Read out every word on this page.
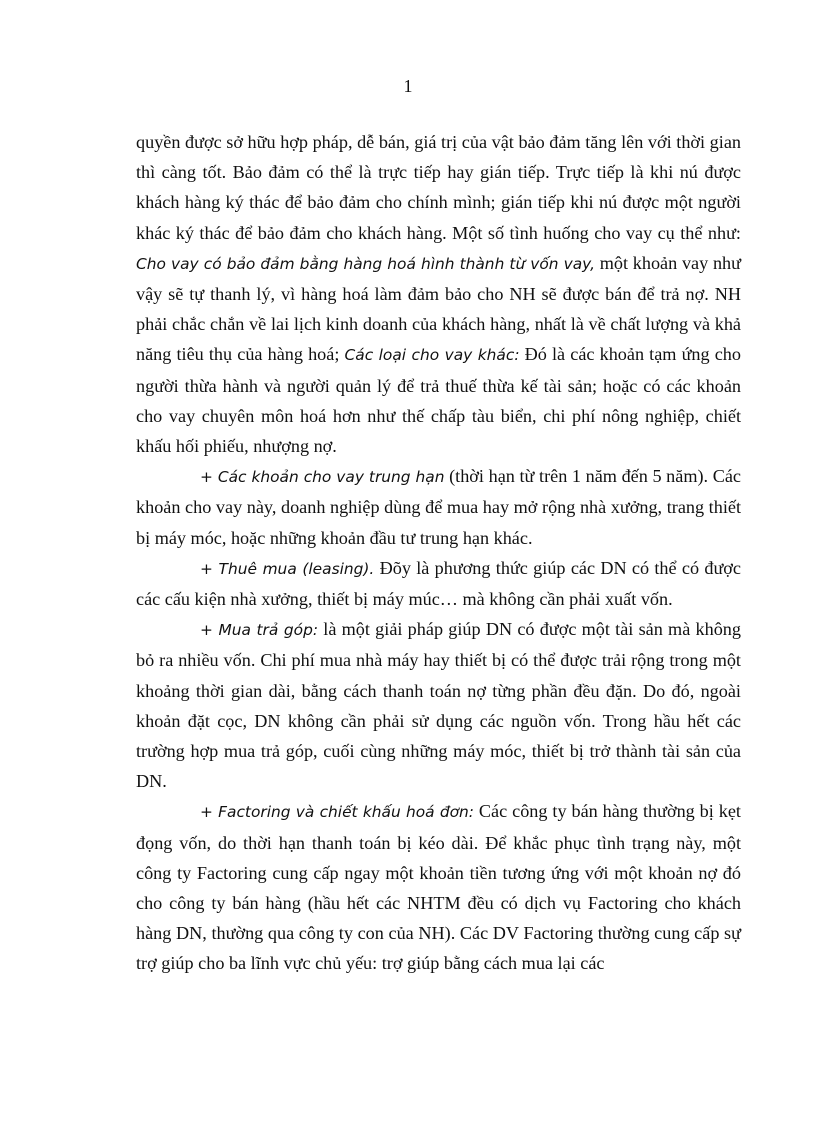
1

quyền được sở hữu hợp pháp, dễ bán, giá trị của vật bảo đảm tăng lên với thời gian thì càng tốt. Bảo đảm có thể là trực tiếp hay gián tiếp. Trực tiếp là khi nú được khách hàng ký thác để bảo đảm cho chính mình; gián tiếp khi nú được một người khác ký thác để bảo đảm cho khách hàng. Một số tình huống cho vay cụ thể như: Cho vay có bảo đảm bằng hàng hoá hình thành từ vốn vay, một khoản vay như vậy sẽ tự thanh lý, vì hàng hoá làm đảm bảo cho NH sẽ được bán để trả nợ. NH phải chắc chắn về lai lịch kinh doanh của khách hàng, nhất là về chất lượng và khả năng tiêu thụ của hàng hoá; Các loại cho vay khác: Đó là các khoản tạm ứng cho người thừa hành và người quản lý để trả thuế thừa kế tài sản; hoặc có các khoản cho vay chuyên môn hoá hơn như thế chấp tàu biển, chi phí nông nghiệp, chiết khấu hối phiếu, nhượng nợ.

+ Các khoản cho vay trung hạn (thời hạn từ trên 1 năm đến 5 năm). Các khoản cho vay này, doanh nghiệp dùng để mua hay mở rộng nhà xưởng, trang thiết bị máy móc, hoặc những khoản đầu tư trung hạn khác.

+ Thuê mua (leasing). Đõy là phương thức giúp các DN có thể có được các cấu kiện nhà xưởng, thiết bị máy múc… mà không cần phải xuất vốn.

+ Mua trả góp: là một giải pháp giúp DN có được một tài sản mà không bỏ ra nhiều vốn. Chi phí mua nhà máy hay thiết bị có thể được trải rộng trong một khoảng thời gian dài, bằng cách thanh toán nợ từng phần đều đặn. Do đó, ngoài khoản đặt cọc, DN không cần phải sử dụng các nguồn vốn. Trong hầu hết các trường hợp mua trả góp, cuối cùng những máy móc, thiết bị trở thành tài sản của DN.

+ Factoring và chiết khấu hoá đơn: Các công ty bán hàng thường bị kẹt đọng vốn, do thời hạn thanh toán bị kéo dài. Để khắc phục tình trạng này, một công ty Factoring cung cấp ngay một khoản tiền tương ứng với một khoản nợ đó cho công ty bán hàng (hầu hết các NHTM đều có dịch vụ Factoring cho khách hàng DN, thường qua công ty con của NH). Các DV Factoring thường cung cấp sự trợ giúp cho ba lĩnh vực chủ yếu: trợ giúp bằng cách mua lại các
